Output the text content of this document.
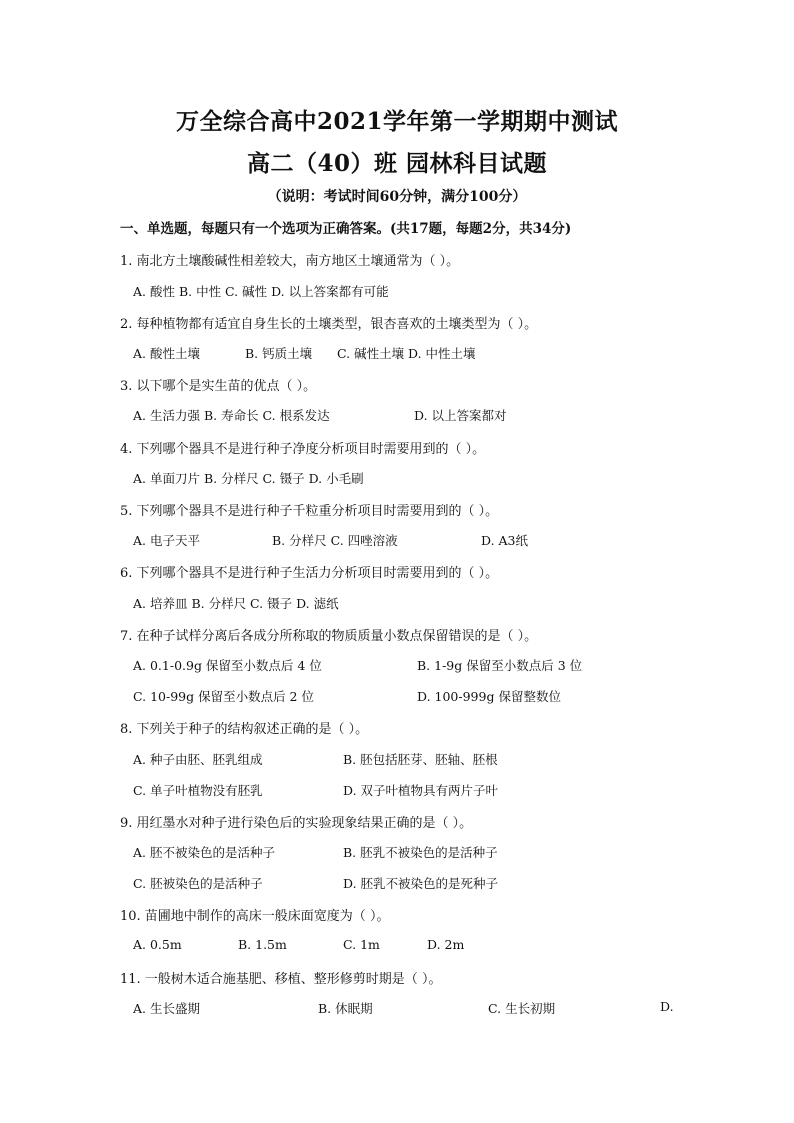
万全综合高中2021学年第一学期期中测试
高二（40）班 园林科目试题
（说明：考试时间60分钟，满分100分）
一、单选题，每题只有一个选项为正确答案。(共17题，每题2分，共34分)
1. 南北方土壤酸碱性相差较大，南方地区土壤通常为（ ）。
A. 酸性 B. 中性 C. 碱性 D. 以上答案都有可能
2. 每种植物都有适宜自身生长的土壤类型，银杏喜欢的土壤类型为（ ）。
A. 酸性土壤	B. 钙质土壤 C. 碱性土壤 D. 中性土壤
3. 以下哪个是实生苗的优点（ ）。
A. 生活力强 B. 寿命长 C. 根系发达	D. 以上答案都对
4. 下列哪个器具不是进行种子净度分析项目时需要用到的（ ）。
A. 单面刀片 B. 分样尺 C. 镊子 D. 小毛刷
5. 下列哪个器具不是进行种子千粒重分析项目时需要用到的（ ）。
A. 电子天平	B. 分样尺 C. 四唑溶液	D. A3纸
6. 下列哪个器具不是进行种子生活力分析项目时需要用到的（ ）。
A. 培养皿 B. 分样尺 C. 镊子 D. 滤纸
7. 在种子试样分离后各成分所称取的物质质量小数点保留错误的是（ ）。
A. 0.1-0.9g 保留至小数点后 4 位	B. 1-9g 保留至小数点后 3 位
C. 10-99g 保留至小数点后 2 位	D. 100-999g 保留整数位
8. 下列关于种子的结构叙述正确的是（ ）。
A. 种子由胚、胚乳组成	B. 胚包括胚芽、胚轴、胚根
C. 单子叶植物没有胚乳	D. 双子叶植物具有两片子叶
9. 用红墨水对种子进行染色后的实验现象结果正确的是（ ）。
A. 胚不被染色的是活种子	B. 胚乳不被染色的是活种子
C. 胚被染色的是活种子	D. 胚乳不被染色的是死种子
10. 苗圃地中制作的高床一般床面宽度为（ ）。
A. 0.5m	B. 1.5m	C. 1m	D. 2m
11. 一般树木适合施基肥、移植、整形修剪时期是（ ）。
A. 生长盛期	B. 休眠期	C. 生长初期	D.
